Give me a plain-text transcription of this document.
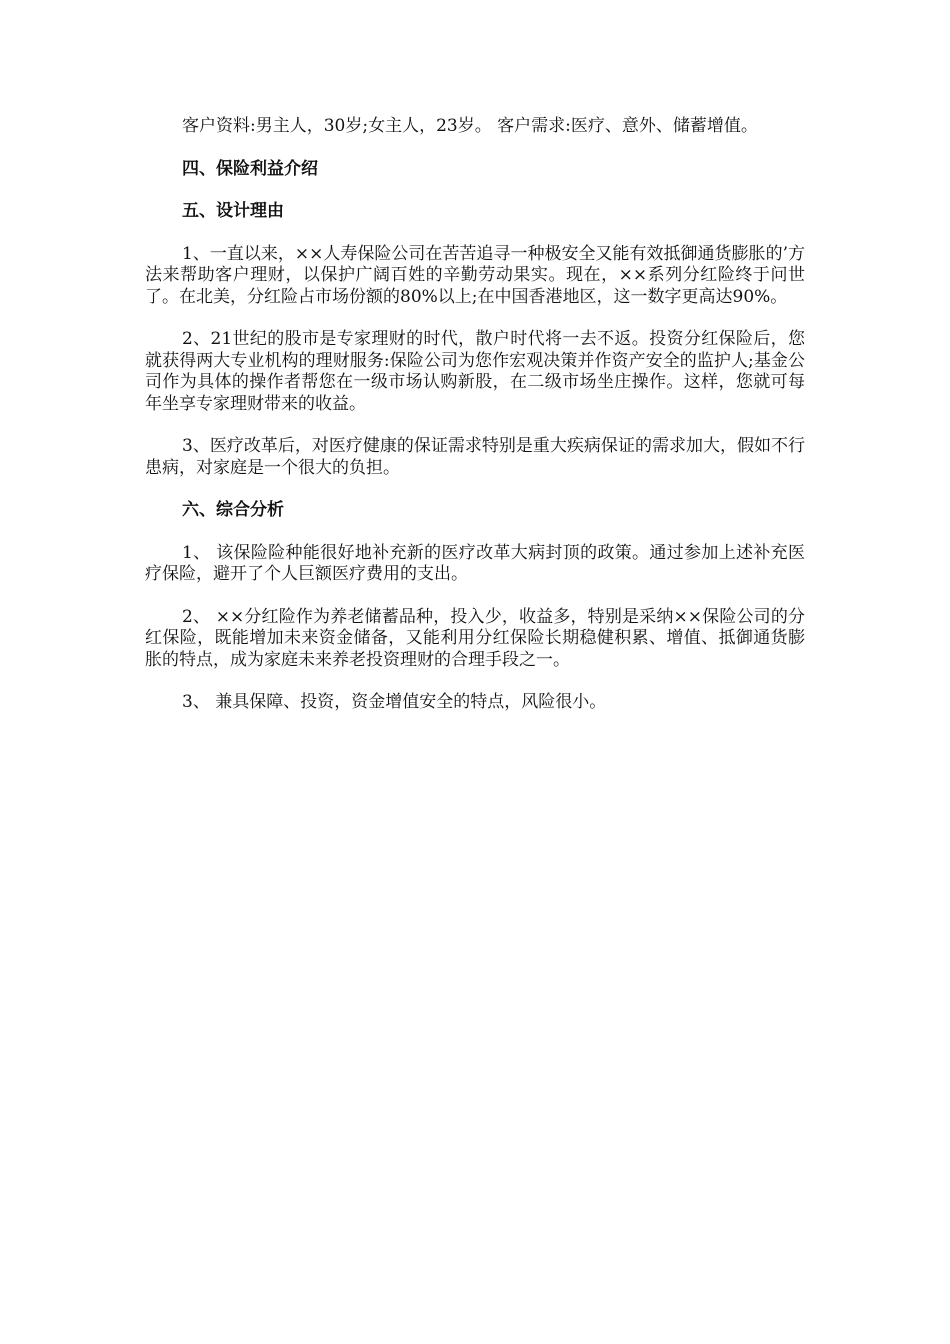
客户资料:男主人，30岁;女主人，23岁。 客户需求:医疗、意外、储蓄增值。

四、保险利益介绍

五、设计理由

1、一直以来，××人寿保险公司在苦苦追寻一种极安全又能有效抵御通货膨胀的’方法来帮助客户理财，以保护广阔百姓的辛勤劳动果实。现在，××系列分红险终于问世了。在北美，分红险占市场份额的80%以上;在中国香港地区，这一数字更高达90%。

2、21世纪的股市是专家理财的时代，散户时代将一去不返。投资分红保险后，您就获得两大专业机构的理财服务:保险公司为您作宏观决策并作资产安全的监护人;基金公司作为具体的操作者帮您在一级市场认购新股，在二级市场坐庄操作。这样，您就可每年坐享专家理财带来的收益。

3、医疗改革后，对医疗健康的保证需求特别是重大疾病保证的需求加大，假如不行患病，对家庭是一个很大的负担。

六、综合分析

1、 该保险险种能很好地补充新的医疗改革大病封顶的政策。通过参加上述补充医疗保险，避开了个人巨额医疗费用的支出。

2、 ××分红险作为养老储蓄品种，投入少，收益多，特别是采纳××保险公司的分红保险，既能增加未来资金储备，又能利用分红保险长期稳健积累、增值、抵御通货膨胀的特点，成为家庭未来养老投资理财的合理手段之一。

3、 兼具保障、投资，资金增值安全的特点，风险很小。
